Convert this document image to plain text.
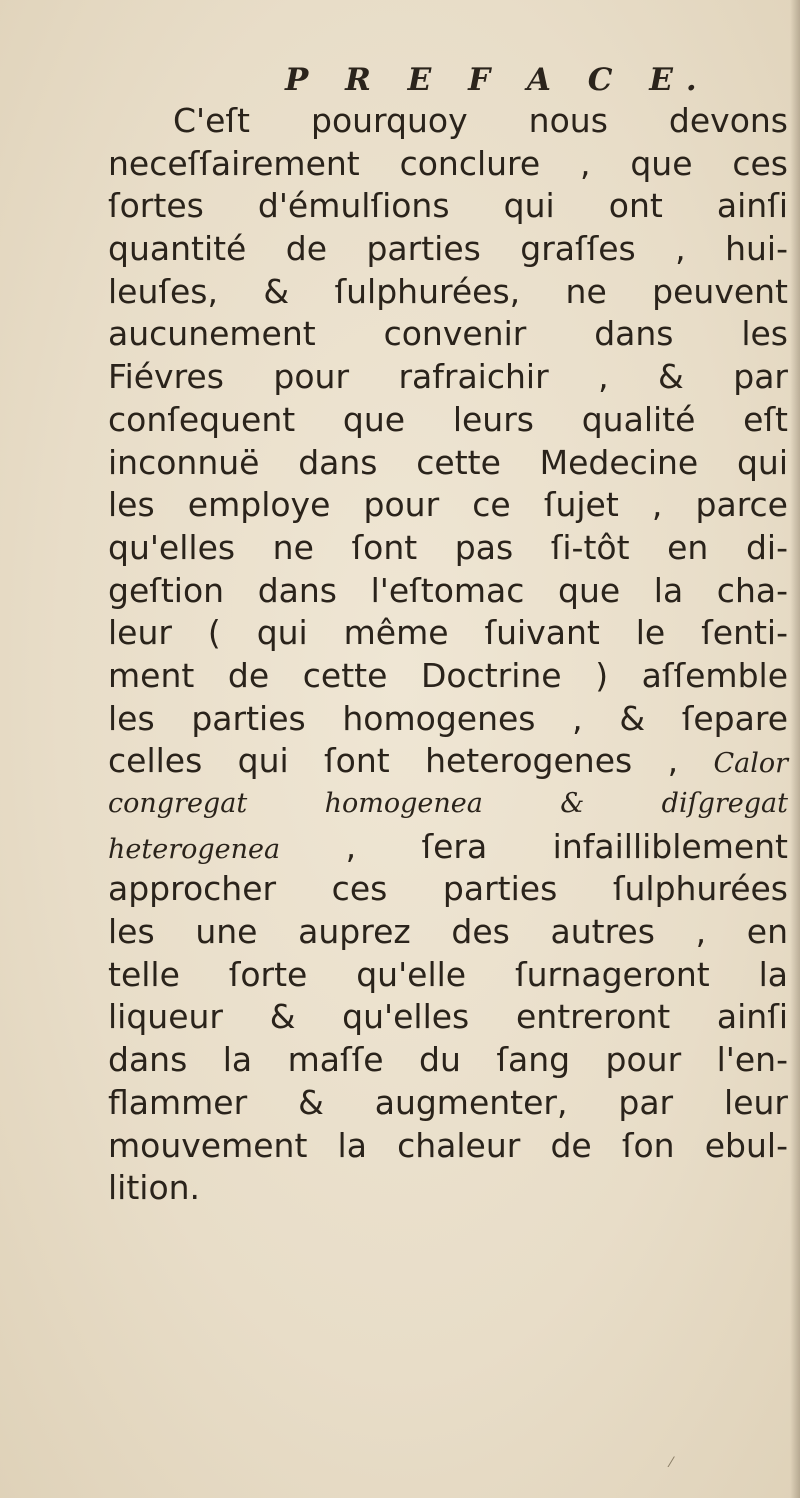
P R E F A C E.
C'eſt pourquoy nous devons
neceſſairement conclure , que ces
ſortes d'émulſions qui ont ainſi
quantité de parties graſſes , hui-
leuſes, & ſulphurées, ne peuvent
aucunement convenir dans les
Fiévres pour rafraichir , & par
conſequent que leurs qualité eſt
inconnuë dans cette Medecine qui
les employe pour ce ſujet , parce
qu'elles ne ſont pas ſi-tôt en di-
geſtion dans l'eſtomac que la cha-
leur ( qui même ſuivant le ſenti-
ment de cette Doctrine ) aſſemble
les parties homogenes , & ſepare
celles qui ſont heterogenes , Calor
congregat homogenea & diſgregat
heterogenea , ſera infailliblement
approcher ces parties ſulphurées
les une auprez des autres , en
telle ſorte qu'elle ſurnageront la
liqueur & qu'elles entreront ainſi
dans la maſſe du ſang pour l'en-
flammer & augmenter, par leur
mouvement la chaleur de ſon ebul-
lition.
⁄
